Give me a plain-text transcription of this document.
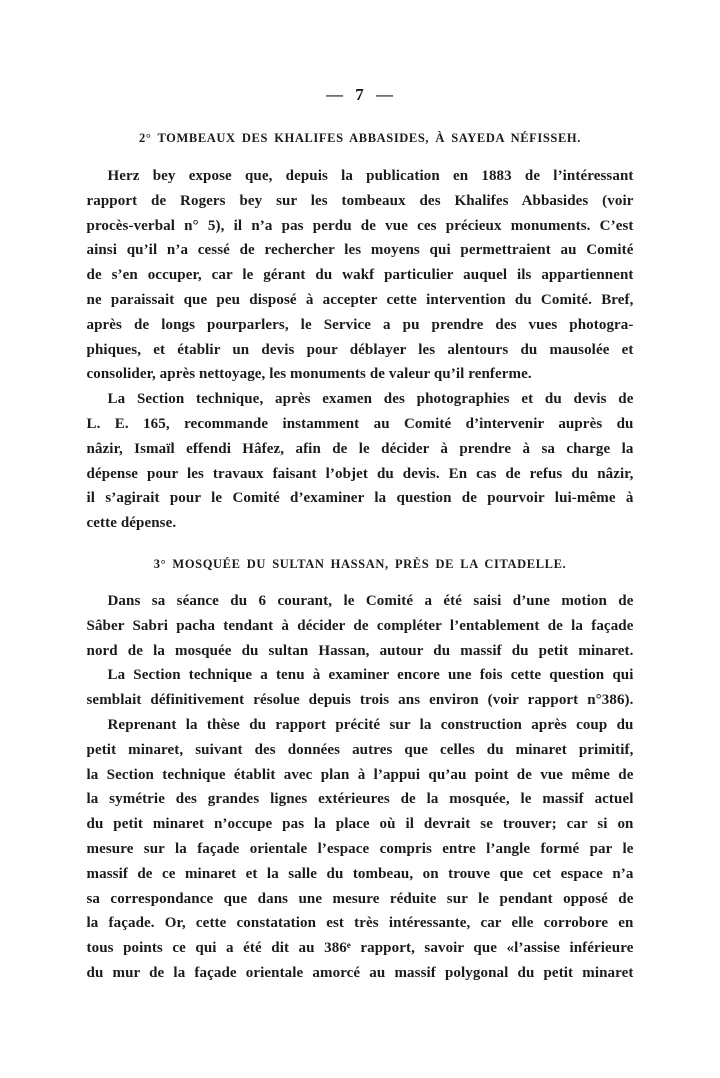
— 7 —
2° TOMBEAUX DES KHALIFES ABBASIDES, À SAYEDA NÉFISSEH.
Herz bey expose que, depuis la publication en 1883 de l’intéressant
rapport de Rogers bey sur les tombeaux des Khalifes Abbasides (voir
procès-verbal n° 5), il n’a pas perdu de vue ces précieux monuments. C’est
ainsi qu’il n’a cessé de rechercher les moyens qui permettraient au Comité
de s’en occuper, car le gérant du wakf particulier auquel ils appartiennent
ne paraissait que peu disposé à accepter cette intervention du Comité. Bref,
après de longs pourparlers, le Service a pu prendre des vues photogra-
phiques, et établir un devis pour déblayer les alentours du mausolée et
consolider, après nettoyage, les monuments de valeur qu’il renferme.
La Section technique, après examen des photographies et du devis de
L. E. 165, recommande instamment au Comité d’intervenir auprès du
nâzir, Ismaïl effendi Hâfez, afin de le décider à prendre à sa charge la
dépense pour les travaux faisant l’objet du devis. En cas de refus du nâzir,
il s’agirait pour le Comité d’examiner la question de pourvoir lui-même à
cette dépense.
3° MOSQUÉE DU SULTAN HASSAN, PRÈS DE LA CITADELLE.
Dans sa séance du 6 courant, le Comité a été saisi d’une motion de
Sâber Sabri pacha tendant à décider de compléter l’entablement de la façade
nord de la mosquée du sultan Hassan, autour du massif du petit minaret.
La Section technique a tenu à examiner encore une fois cette question qui
semblait définitivement résolue depuis trois ans environ (voir rapport n°386).
Reprenant la thèse du rapport précité sur la construction après coup du
petit minaret, suivant des données autres que celles du minaret primitif,
la Section technique établit avec plan à l’appui qu’au point de vue même de
la symétrie des grandes lignes extérieures de la mosquée, le massif actuel
du petit minaret n’occupe pas la place où il devrait se trouver; car si on
mesure sur la façade orientale l’espace compris entre l’angle formé par le
massif de ce minaret et la salle du tombeau, on trouve que cet espace n’a
sa correspondance que dans une mesure réduite sur le pendant opposé de
la façade. Or, cette constatation est très intéressante, car elle corrobore en
tous points ce qui a été dit au 386ᵉ rapport, savoir que «l’assise inférieure
du mur de la façade orientale amorcé au massif polygonal du petit minaret
